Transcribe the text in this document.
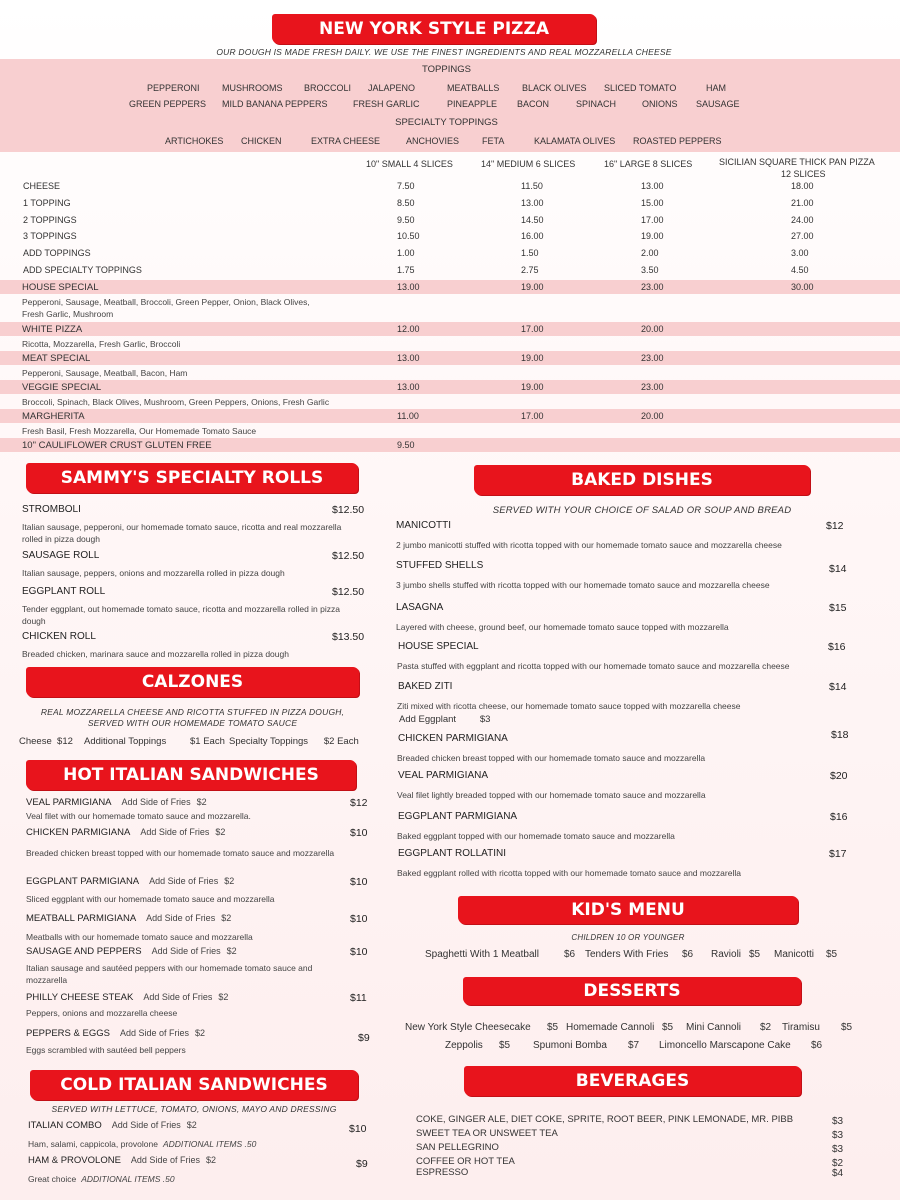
NEW YORK STYLE PIZZA
OUR DOUGH IS MADE FRESH DAILY. WE USE THE FINEST INGREDIENTS AND REAL MOZZARELLA CHEESE
TOPPINGS
PEPPERONI MUSHROOMS BROCCOLI JALAPENO	MEATBALLS	BLACK OLIVES SLICED TOMATO	HAM
GREEN PEPPERS MILD BANANA PEPPERS	FRESH GARLIC	PINEAPPLE BACON	SPINACH	ONIONS SAUSAGE
SPECIALTY TOPPINGS
ARTICHOKES CHICKEN	EXTRA CHEESE	ANCHOVIES	FETA	KALAMATA OLIVES ROASTED PEPPERS
10" SMALL 4 SLICES	14" MEDIUM 6 SLICES	16" LARGE 8 SLICES	SICILIAN SQUARE THICK PAN PIZZA
12 SLICES
CHEESE	7.50	11.50	13.00	18.00
1 TOPPING	8.50	13.00	15.00	21.00
2 TOPPINGS	9.50	14.50	17.00	24.00
3 TOPPINGS	10.50	16.00	19.00	27.00
ADD TOPPINGS	1.00	1.50	2.00	3.00
ADD SPECIALTY TOPPINGS	1.75	2.75	3.50	4.50
HOUSE SPECIAL	13.00	19.00	23.00	30.00
Pepperoni, Sausage, Meatball, Broccoli, Green Pepper, Onion, Black Olives,
Fresh Garlic, Mushroom
WHITE PIZZA	12.00	17.00	20.00
Ricotta, Mozzarella, Fresh Garlic, Broccoli
MEAT SPECIAL	13.00	19.00	23.00
Pepperoni, Sausage, Meatball, Bacon, Ham
VEGGIE SPECIAL	13.00	19.00	23.00
Broccoli, Spinach, Black Olives, Mushroom, Green Peppers, Onions, Fresh Garlic
MARGHERITA	11.00	17.00	20.00
Fresh Basil, Fresh Mozzarella, Our Homemade Tomato Sauce
10" CAULIFLOWER CRUST GLUTEN FREE	9.50
SAMMY'S SPECIALTY ROLLS
STROMBOLI	$12.50
Italian sausage, pepperoni, our homemade tomato sauce, ricotta and real mozzarella rolled in pizza dough
SAUSAGE ROLL	$12.50
Italian sausage, peppers, onions and mozzarella rolled in pizza dough
EGGPLANT ROLL	$12.50
Tender eggplant, out homemade tomato sauce, ricotta and mozzarella rolled in pizza dough
CHICKEN ROLL	$13.50
Breaded chicken, marinara sauce and mozzarella rolled in pizza dough
CALZONES
REAL MOZZARELLA CHEESE AND RICOTTA STUFFED IN PIZZA DOUGH,
SERVED WITH OUR HOMEMADE TOMATO SAUCE
Cheese $12 Additional Toppings	$1 Each Specialty Toppings $2 Each
HOT ITALIAN SANDWICHES
VEAL PARMIGIANA Add Side of Fries $2	$12
Veal filet with our homemade tomato sauce and mozzarella.
CHICKEN PARMIGIANA Add Side of Fries $2	$10
Breaded chicken breast topped with our homemade tomato sauce and mozzarella
EGGPLANT PARMIGIANA Add Side of Fries $2	$10
Sliced eggplant with our homemade tomato sauce and mozzarella
MEATBALL PARMIGIANA Add Side of Fries $2	$10
Meatballs with our homemade tomato sauce and mozzarella
SAUSAGE AND PEPPERS Add Side of Fries $2	$10
Italian sausage and sautéed peppers with our homemade tomato sauce and mozzarella
PHILLY CHEESE STEAK Add Side of Fries $2	$11
Peppers, onions and mozzarella cheese
PEPPERS & EGGS Add Side of Fries $2	$9
Eggs scrambled with sautéed bell peppers
COLD ITALIAN SANDWICHES
SERVED WITH LETTUCE, TOMATO, ONIONS, MAYO AND DRESSING
ITALIAN COMBO Add Side of Fries $2	$10
Ham, salami, cappicola, provolone ADDITIONAL ITEMS .50
HAM & PROVOLONE Add Side of Fries $2	$9
Great choice ADDITIONAL ITEMS .50
BAKED DISHES
SERVED WITH YOUR CHOICE OF SALAD OR SOUP AND BREAD
MANICOTTI	$12
2 jumbo manicotti stuffed with ricotta topped with our homemade tomato sauce and mozzarella cheese
STUFFED SHELLS	$14
3 jumbo shells stuffed with ricotta topped with our homemade tomato sauce and mozzarella cheese
LASAGNA	$15
Layered with cheese, ground beef, our homemade tomato sauce topped with mozzarella
HOUSE SPECIAL	$16
Pasta stuffed with eggplant and ricotta topped with our homemade tomato sauce and mozzarella cheese
BAKED ZITI	$14
Ziti mixed with ricotta cheese, our homemade tomato sauce topped with mozzarella cheese
CHICKEN PARMIGIANA	$18
Breaded chicken breast topped with our homemade tomato sauce and mozzarella
VEAL PARMIGIANA	$20
Veal filet lightly breaded topped with our homemade tomato sauce and mozzarella
EGGPLANT PARMIGIANA	$16
Baked eggplant topped with our homemade tomato sauce and mozzarella
EGGPLANT ROLLATINI	$17
Baked eggplant rolled with ricotta topped with our homemade tomato sauce and mozzarella
Add Eggplant	$3
KID'S MENU
CHILDREN 10 OR YOUNGER
Spaghetti With 1 Meatball	$6 Tenders With Fries $6 Ravioli $5 Manicotti $5
DESSERTS
New York Style Cheesecake $5 Homemade Cannoli $5 Mini Cannoli $2 Tiramisu $5
Zeppolis $5 Spumoni Bomba $7 Limoncello Marscapone Cake $6
BEVERAGES
COKE, GINGER ALE, DIET COKE, SPRITE, ROOT BEER, PINK LEMONADE, MR. PIBB	$3
SWEET TEA OR UNSWEET TEA	$3
SAN PELLEGRINO	$3
COFFEE OR HOT TEA	$2
ESPRESSO	$4
